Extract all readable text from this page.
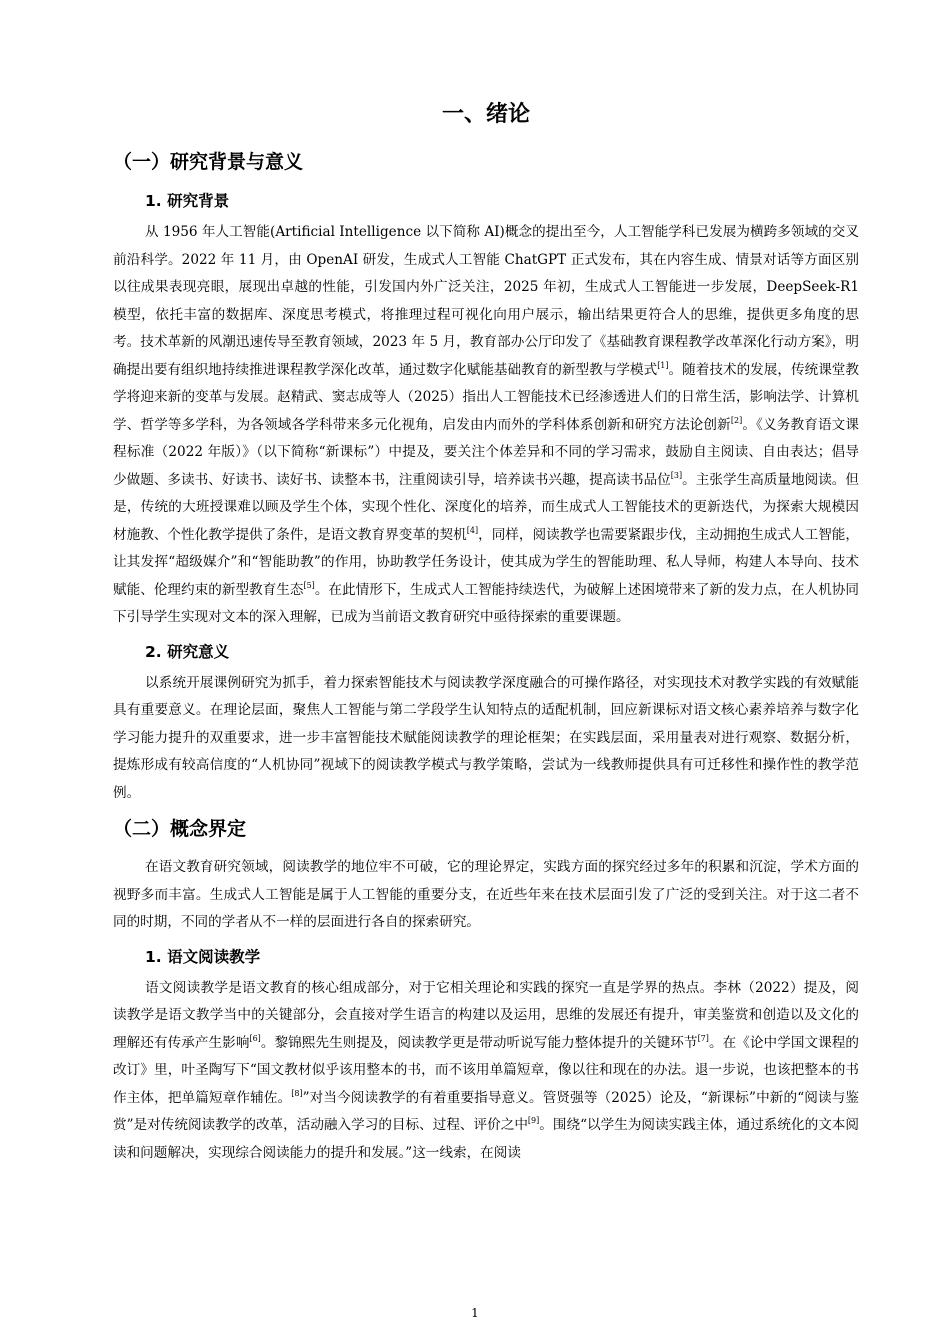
一、绪论
（一）研究背景与意义
1. 研究背景

从 1956 年人工智能(Artificial Intelligence 以下简称 AI)概念的提出至今，人工智能学科已发展为横跨多领域的交叉前沿科学。2022 年 11 月，由 OpenAI 研发，生成式人工智能 ChatGPT 正式发布，其在内容生成、情景对话等方面区别以往成果表现亮眼，展现出卓越的性能，引发国内外广泛关注，2025 年初，生成式人工智能进一步发展，DeepSeek-R1 模型，依托丰富的数据库、深度思考模式，将推理过程可视化向用户展示，输出结果更符合人的思维，提供更多角度的思考。技术革新的风潮迅速传导至教育领域，2023 年 5 月，教育部办公厅印发了《基础教育课程教学改革深化行动方案》，明确提出要有组织地持续推进课程教学深化改革，通过数字化赋能基础教育的新型教与学模式[1]。随着技术的发展，传统课堂教学将迎来新的变革与发展。赵精武、窦志成等人（2025）指出人工智能技术已经渗透进人们的日常生活，影响法学、计算机学、哲学等多学科，为各领域各学科带来多元化视角，启发由内而外的学科体系创新和研究方法论创新[2]。《义务教育语文课程标准（2022 年版）》（以下简称“新课标”）中提及，要关注个体差异和不同的学习需求，鼓励自主阅读、自由表达；倡导少做题、多读书、好读书、读好书、读整本书，注重阅读引导，培养读书兴趣，提高读书品位[3]。主张学生高质量地阅读。但是，传统的大班授课难以顾及学生个体，实现个性化、深度化的培养，而生成式人工智能技术的更新迭代，为探索大规模因材施教、个性化教学提供了条件，是语文教育界变革的契机[4]，同样，阅读教学也需要紧跟步伐，主动拥抱生成式人工智能，让其发挥“超级媒介”和“智能助教”的作用，协助教学任务设计，使其成为学生的智能助理、私人导师，构建人本导向、技术赋能、伦理约束的新型教育生态[5]。在此情形下，生成式人工智能持续迭代，为破解上述困境带来了新的发力点，在人机协同下引导学生实现对文本的深入理解，已成为当前语文教育研究中亟待探索的重要课题。

2. 研究意义

以系统开展课例研究为抓手，着力探索智能技术与阅读教学深度融合的可操作路径，对实现技术对教学实践的有效赋能具有重要意义。在理论层面，聚焦人工智能与第二学段学生认知特点的适配机制，回应新课标对语文核心素养培养与数字化学习能力提升的双重要求，进一步丰富智能技术赋能阅读教学的理论框架；在实践层面，采用量表对进行观察、数据分析，提炼形成有较高信度的“人机协同”视域下的阅读教学模式与教学策略，尝试为一线教师提供具有可迁移性和操作性的教学范例。

（二）概念界定

在语文教育研究领域，阅读教学的地位牢不可破，它的理论界定，实践方面的探究经过多年的积累和沉淀，学术方面的视野多而丰富。生成式人工智能是属于人工智能的重要分支，在近些年来在技术层面引发了广泛的受到关注。对于这二者不同的时期，不同的学者从不一样的层面进行各自的探索研究。

1. 语文阅读教学

语文阅读教学是语文教育的核心组成部分，对于它相关理论和实践的探究一直是学界的热点。李林（2022）提及，阅读教学是语文教学当中的关键部分，会直接对学生语言的构建以及运用，思维的发展还有提升，审美鉴赏和创造以及文化的理解还有传承产生影响[6]。黎锦熙先生则提及，阅读教学更是带动听说写能力整体提升的关键环节[7]。在《论中学国文课程的改订》里，叶圣陶写下“国文教材似乎该用整本的书，而不该用单篇短章，像以往和现在的办法。退一步说，也该把整本的书作主体，把单篇短章作辅佐。[8]”对当今阅读教学的有着重要指导意义。管贤强等（2025）论及，“新课标”中新的“阅读与鉴赏”是对传统阅读教学的改革，活动融入学习的目标、过程、评价之中[9]。围绕“以学生为阅读实践主体，通过系统化的文本阅读和问题解决，实现综合阅读能力的提升和发展。”这一线索，在阅读

1
